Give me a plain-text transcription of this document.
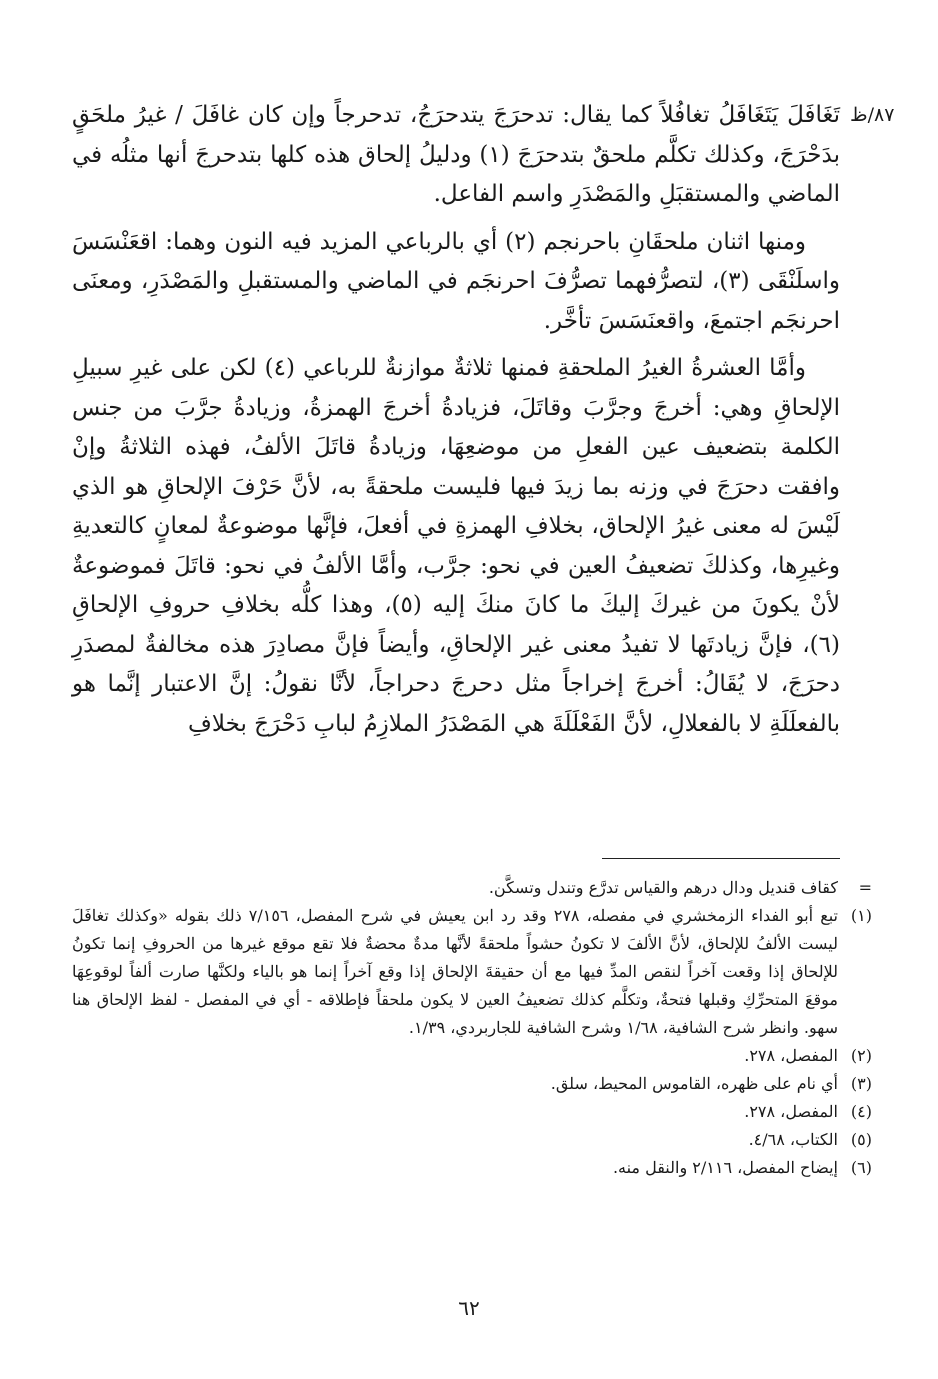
٨٧/ظ

تَغَافَلَ يَتَغَافَلُ تغافُلاً كما يقال: تدحرَجَ يتدحرَجُ، تدحرجاً وإن كان غافَلَ / غيرُ ملحَقٍ بدَحْرَجَ، وكذلك تكلَّم ملحقٌ بتدحرَجَ (١) ودليلُ إلحاق هذه كلها بتدحرجَ أنها مثلُه في الماضي والمستقبَلِ والمَصْدَرِ واسم الفاعل.

ومنها اثنان ملحقَانِ باحرنجم (٢) أي بالرباعي المزيد فيه النون وهما: اقعَنْسَسَ واسلَنْقَى (٣)، لتصرُّفهما تصرُّفَ احرنجَم في الماضي والمستقبلِ والمَصْدَرِ، ومعنَى احرنجَم اجتمعَ، واقعنَسَسَ تأخَّر.

وأمَّا العشرةُ الغيرُ الملحقةِ فمنها ثلاثةٌ موازنةٌ للرباعي (٤) لكن على غيرِ سبيلِ الإلحاقِ وهي: أخرجَ وجرَّبَ وقاتَلَ، فزيادةُ أخرجَ الهمزةُ، وزيادةُ جرَّبَ من جنس الكلمة بتضعيف عين الفعلِ من موضعِهَا، وزيادةُ قاتَلَ الألفُ، فهذه الثلاثةُ وإنْ وافقت دحرَجَ في وزنه بما زيدَ فيها فليست ملحقةً به، لأنَّ حَرْفَ الإلحاقِ هو الذي لَيْسَ له معنى غيرُ الإلحاق، بخلافِ الهمزةِ في أفعلَ، فإنَّها موضوعةٌ لمعانٍ كالتعديةِ وغيرِها، وكذلكَ تضعيفُ العين في نحو: جرَّب، وأمَّا الألفُ في نحو: قاتَلَ فموضوعةٌ لأنْ يكونَ من غيركَ إليكَ ما كانَ منكَ إليه (٥)، وهذا كلُّه بخلافِ حروفِ الإلحاقِ (٦)، فإنَّ زيادتَها لا تفيدُ معنى غير الإلحاقِ، وأيضاً فإنَّ مصادِرَ هذه مخالفةٌ لمصدَرِ دحرَجَ، لا يُقَالُ: أخرجَ إخراجاً مثل دحرجَ دحراجاً، لأنَّا نقولُ: إنَّ الاعتبار إنَّما هو بالفعلَلَةِ لا بالفعلالِ، لأنَّ الفَعْلَلَةَ هي المَصْدَرُ الملازِمُ لبابِ دَحْرَجَ بخلافِ

=
كقاف قنديل ودال درهم والقياس تدرَّع وتندل وتسكَّن.
(١)
تبع أبو الفداء الزمخشري في مفصله، ٢٧٨ وقد رد ابن يعيش في شرح المفصل، ٧/١٥٦ ذلك بقوله «وكذلك تغافَلَ ليست الألفُ للإلحاق، لأنَّ الألفَ لا تكونُ حشواً ملحقةً لأنَّها مدةٌ محضةٌ فلا تقع موقع غيرها من الحروفِ إنما تكونُ للإلحاق إذا وقعت آخراً لنقص المدِّ فيها مع أن حقيقةَ الإلحاق إذا وقع آخراً إنما هو بالياء ولكنَّها صارت ألفاً لوقوعِهَا موقعَ المتحرِّكِ وقبلها فتحةٌ، وتكلَّم كذلك تضعيفُ العين لا يكون ملحقاً فإطلاقه - أي في المفصل - لفظ الإلحاق هنا سهو. وانظر شرح الشافية، ١/٦٨ وشرح الشافية للجاربردي، ١/٣٩.
(٢)
المفصل، ٢٧٨.
(٣)
أي نام على ظهره، القاموس المحيط، سلق.
(٤)
المفصل، ٢٧٨.
(٥)
الكتاب، ٤/٦٨.
(٦)
إيضاح المفصل، ٢/١١٦ والنقل منه.
٦٢
